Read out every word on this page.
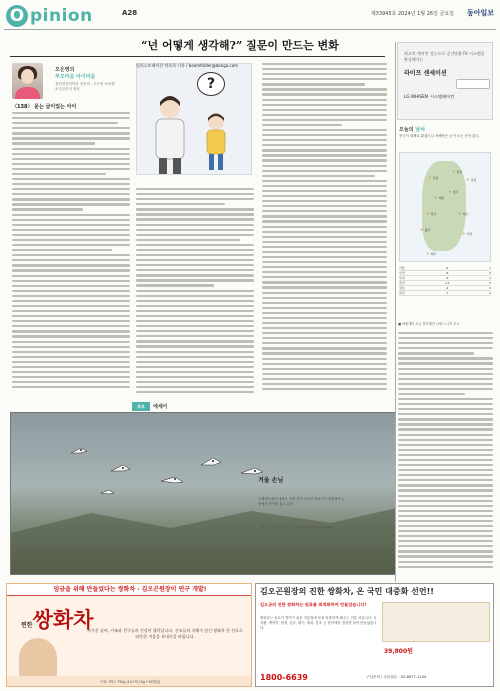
O pinion	A28	제33945호 2024년 1월 26일 금요일 동아일보
“넌 어떻게 생각해?” 질문이 만드는 변화
오은영의
부모마음 아이마음
정신건강의학과 전문의 · 오은영 소아청소년클리닉 원장
〈138〉 묻는 글이었는 아이
?
일러스트레이션 박초희 기자 / beomfolder@donga.com
포토	에세이
겨울 손님
시베리아에서 내려온 겨울 진객 두루미 몇마리가 철원평야 논밭에서 먹이를 찾고 있다.
스케치 · 사진부 전영한 기자 scoopjyh@donga.com
최고의 에어컨 성능으로 공간맞춤 Fit 시스템을 완성해가는
라이프 센세이션
LG WHISEN 시스템에어컨
오늘의 날씨
전국이 대체로 맑겠으나 서해안은 눈이 오는 곳이 있다.
☀ 서울
☀ 춘천
☀ 강릉
☀ 대전
☀ 청주
☀ 전주
☀ 광주
☀ 대구
☀ 부산
☀ 제주
서울	-9	1
인천	-8	0
수원	-9	1
춘천	-13	0
강릉	-4	4
대전	-7	2
■ 바람개비 조금 풍부해진 나랑 느니까 후크
임금을 위해 만들었다는 쌍화차 · 김오곤원장이 연구 개발!
찐한쌍화차
차가운 날씨, 가족과 친구들의 건강이 생각납니다. 선조들의 지혜가 담긴 쌍화차 한 잔으로 따뜻한 겨울을 보내시길 바랍니다.
구성: 1박스 750g (14스틱 15g * 50개입)
김오곤원장의 진한 쌍화차, 온 국민 대중화 선언!!
김오곤의 진한 쌍화차는 원료를 최적화하여 만들었습니다!
쌍화차는 피로가 쌓이기 쉬운 겨울철에 몸을 따뜻하게 해주는 전통 차입니다. 숙지황, 백작약, 당귀, 천궁, 황기, 계피, 감초 등 한약재를 정성껏 달여 만들었습니다.
39,800원
1800-6639	구입문의 / 주문접수 · 02-6677-1144
